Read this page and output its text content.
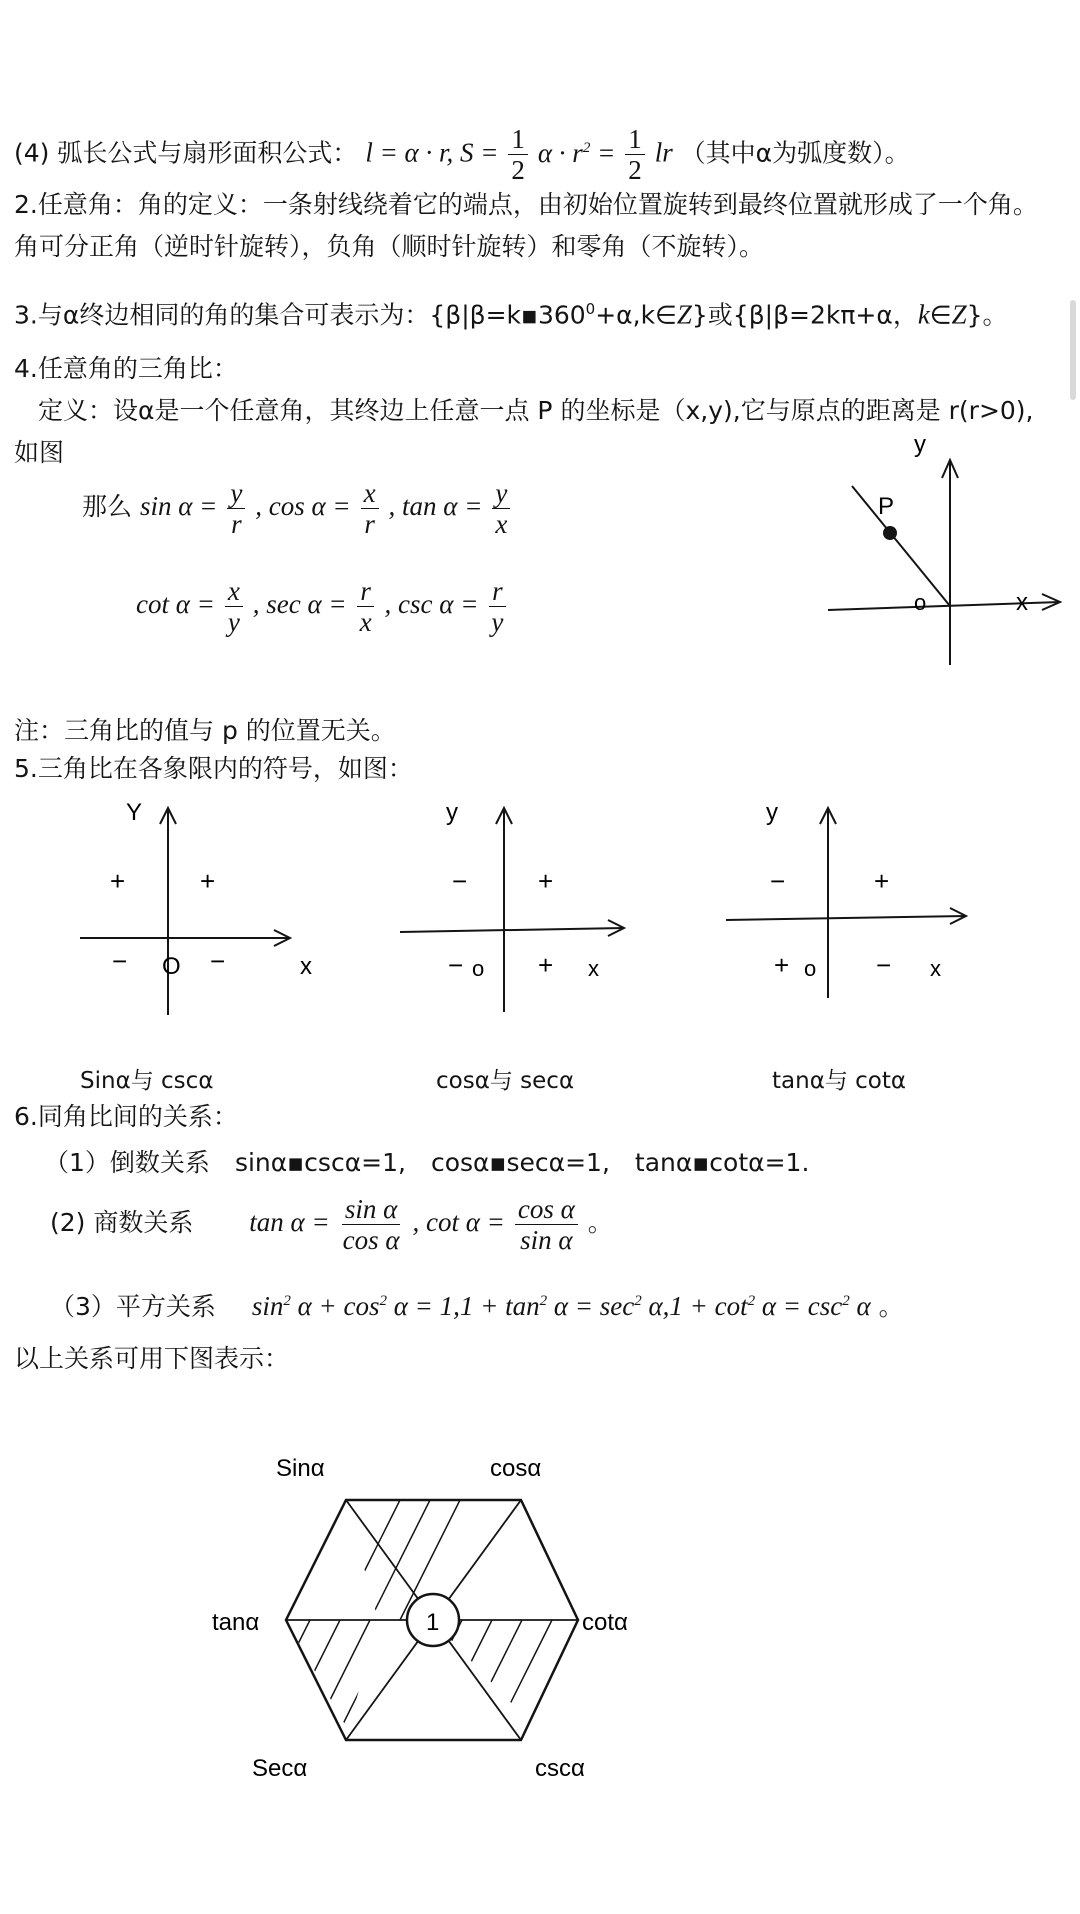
(4) 弧长公式与扇形面积公式： l = α · r, $S = \frac{1}{2}$ $\alpha \cdot r^2 = \frac{1}{2}$ lr （其中α为弧度数）。
2.任意角：角的定义：一条射线绕着它的端点，由初始位置旋转到最终位置就形成了一个角。
角可分正角（逆时针旋转），负角（顺时针旋转）和零角（不旋转）。
3.与α终边相同的角的集合可表示为：$\{\beta|\beta=k▪360^0+\alpha,k\in Z\}$或{β|β=2kπ+α，k∈Z}。
4.任意角的三角比：
定义：设α是一个任意角，其终边上任意一点 P 的坐标是（x,y),它与原点的距离是 r(r>0),
如图
那么 $\sin \alpha = \frac{y}{r}$ , $\cos \alpha = \frac{x}{r}$ , $\tan \alpha = \frac{y}{x}$
$\cot \alpha = \frac{x}{y}$ , $\sec \alpha = \frac{r}{x}$ , $\csc \alpha = \frac{r}{y}$
y
P
o	x
注：三角比的值与 p 的位置无关。
5.三角比在各象限内的符号，如图：
Y
x
O
+	+
−	−
Sinα与 cscα
y
x
o
−	+
−	+
cosα与 secα
y
x
o
−	+
+	−
tanα与 cotα
6.同角比间的关系：
（1）倒数关系　 sinα▪cscα=1,　cosα▪secα=1,　tanα▪cotα=1.
(2) 商数关系 $\tan \alpha = \frac{\text{sin α}}{\text{cos α}}$ , $\cot \alpha = \frac{\text{cos α}}{\text{sin α}}$ 。
（3）平方关系 $\sin^2 \alpha + \cos^2 \alpha = 1,1 + \tan^2 \alpha = \sec^2 \alpha,1 + \cot^2 \alpha = \csc^2 \alpha$ 。
以上关系可用下图表示：
1
Sinα	cosα
tanα	cotα
Secα	cscα
